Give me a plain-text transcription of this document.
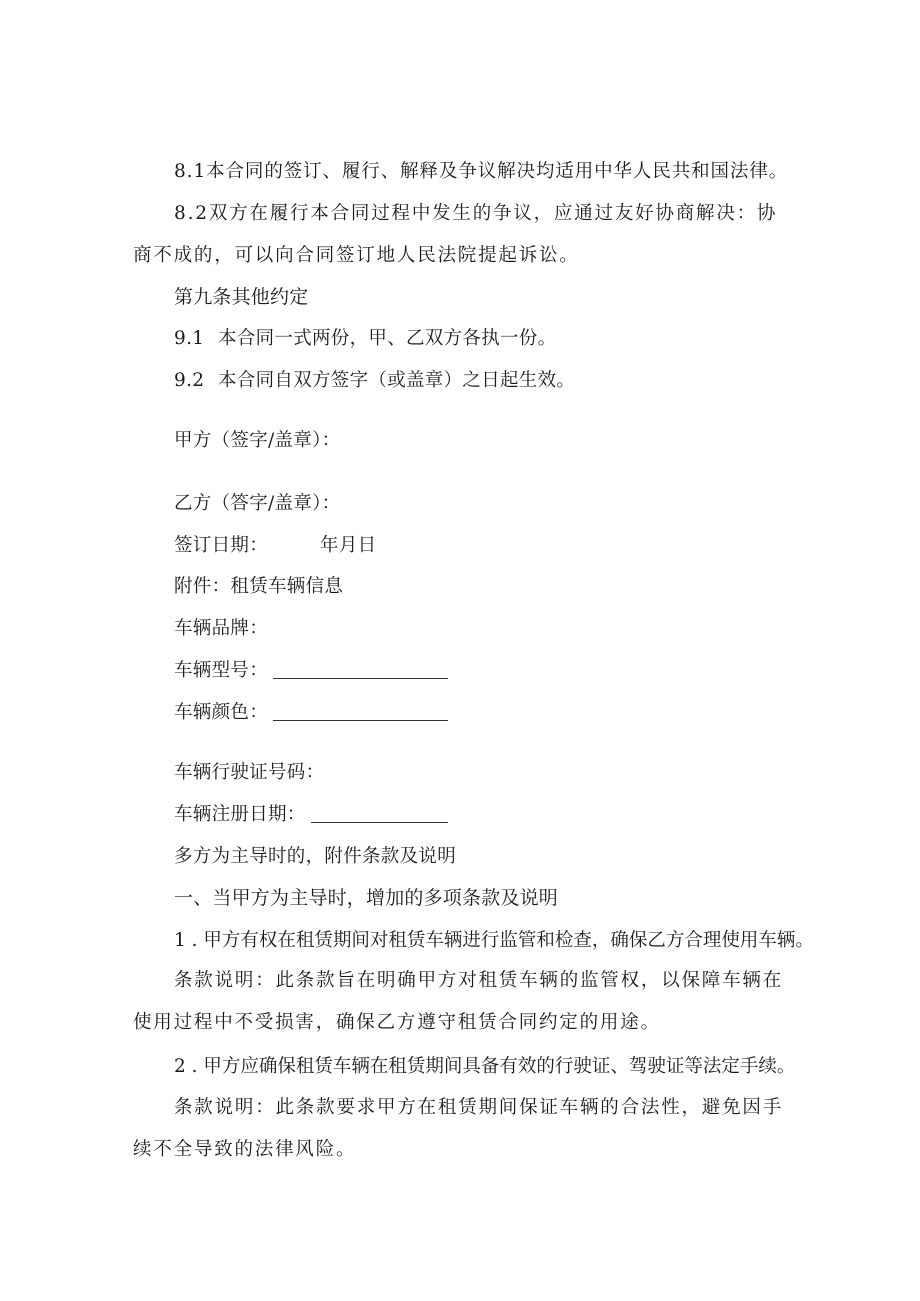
8.1本合同的签订、履行、解释及争议解决均适用中华人民共和国法律。
8.2双方在履行本合同过程中发生的争议，应通过友好协商解决：协商不成的，可以向合同签订地人民法院提起诉讼。
第九条其他约定
9.1 本合同一式两份，甲、乙双方各执一份。
9.2 本合同自双方签字（或盖章）之日起生效。
甲方（签字/盖章）：
乙方（答字/盖章）：
签订日期：	年月日
附件：租赁车辆信息
车辆品牌：
车辆型号：
车辆颜色：
车辆行驶证号码：
车辆注册日期：
多方为主导时的，附件条款及说明
一、当甲方为主导时，增加的多项条款及说明
1 . 甲方有权在租赁期间对租赁车辆进行监管和检查，确保乙方合理使用车辆。
条款说明：此条款旨在明确甲方对租赁车辆的监管权，以保障车辆在使用过程中不受损害，确保乙方遵守租赁合同约定的用途。
2 . 甲方应确保租赁车辆在租赁期间具备有效的行驶证、驾驶证等法定手续。
条款说明：此条款要求甲方在租赁期间保证车辆的合法性，避免因手续不全导致的法律风险。
